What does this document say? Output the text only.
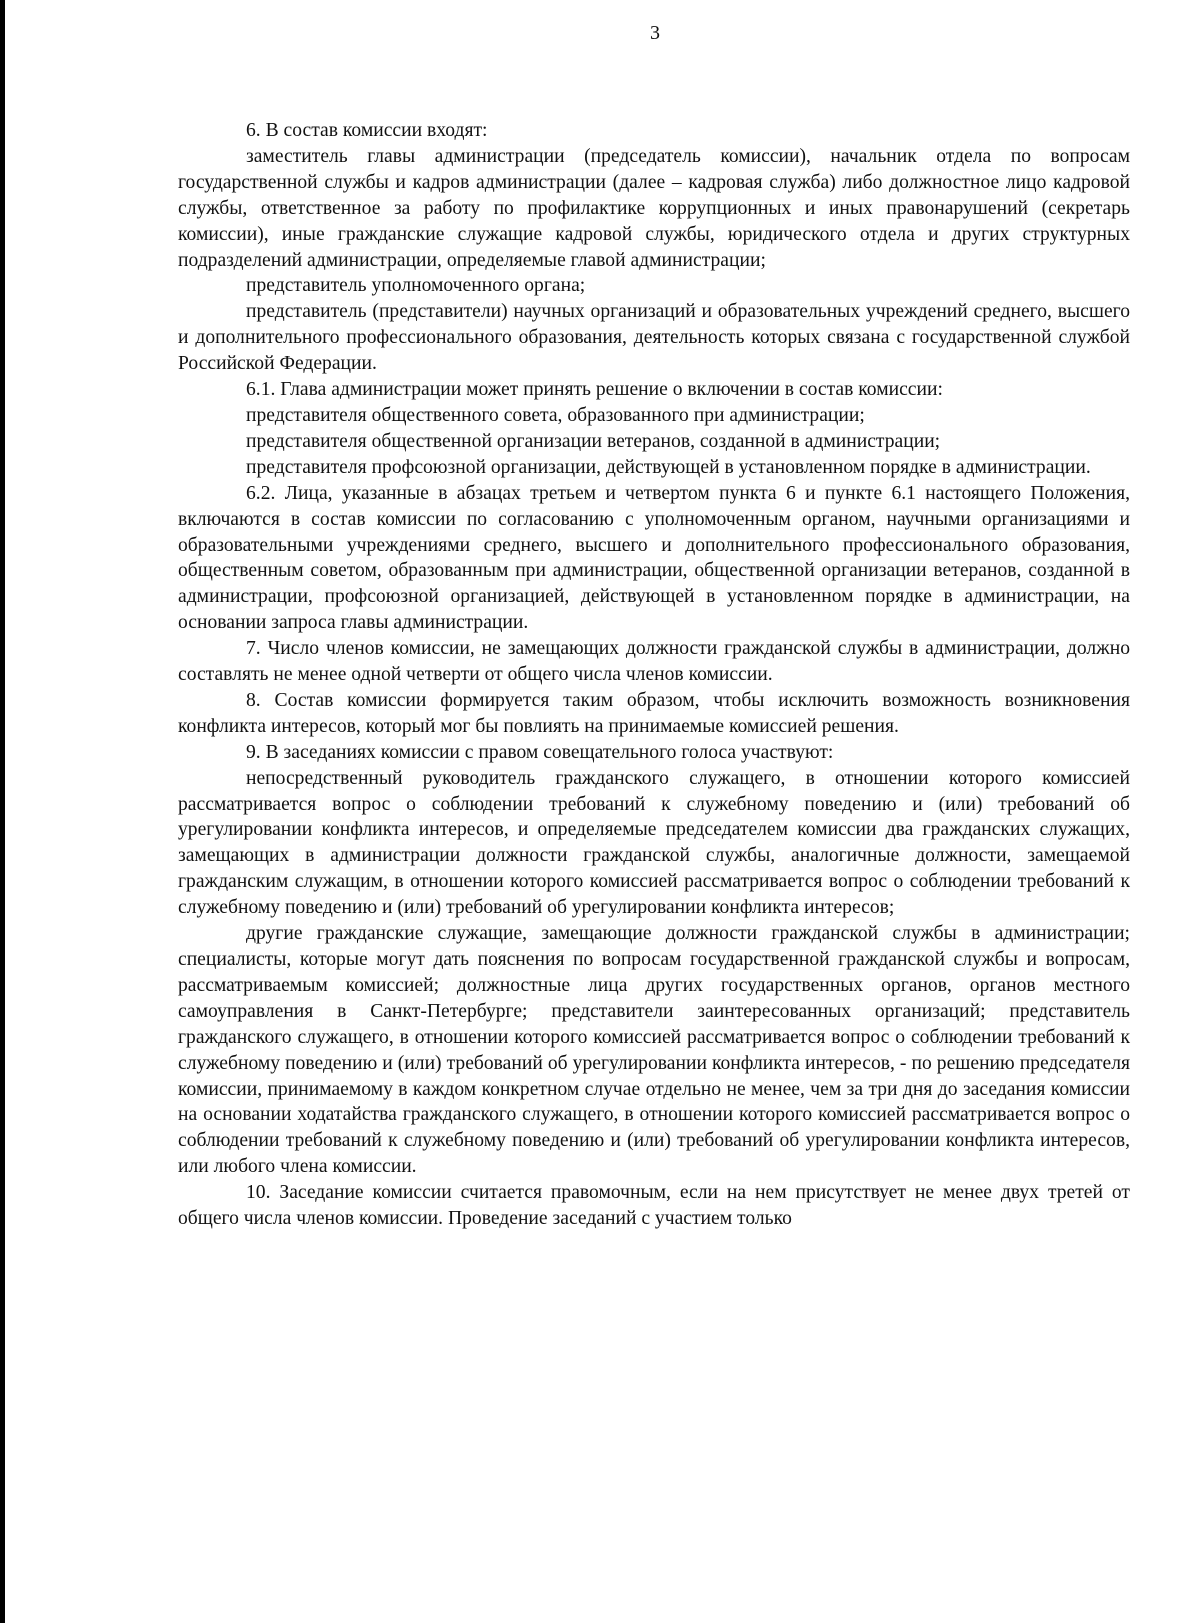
3

6. В состав комиссии входят:

заместитель главы администрации (председатель комиссии), начальник отдела по вопросам государственной службы и кадров администрации (далее – кадровая служба) либо должностное лицо кадровой службы, ответственное за работу по профилактике коррупционных и иных правонарушений (секретарь комиссии), иные гражданские служащие кадровой службы, юридического отдела и других структурных подразделений администрации, определяемые главой администрации;

представитель уполномоченного органа;

представитель (представители) научных организаций и образовательных учреждений среднего, высшего и дополнительного профессионального образования, деятельность которых связана с государственной службой Российской Федерации.

6.1. Глава администрации может принять решение о включении в состав комиссии:

представителя общественного совета, образованного при администрации;

представителя общественной организации ветеранов, созданной в администрации;

представителя профсоюзной организации, действующей в установленном порядке в администрации.

6.2. Лица, указанные в абзацах третьем и четвертом пункта 6 и пункте 6.1 настоящего Положения, включаются в состав комиссии по согласованию с уполномоченным органом, научными организациями и образовательными учреждениями среднего, высшего и дополнительного профессионального образования, общественным советом, образованным при администрации, общественной организации ветеранов, созданной в администрации, профсоюзной организацией, действующей в установленном порядке в администрации, на основании запроса главы администрации.

7. Число членов комиссии, не замещающих должности гражданской службы в администрации, должно составлять не менее одной четверти от общего числа членов комиссии.

8. Состав комиссии формируется таким образом, чтобы исключить возможность возникновения конфликта интересов, который мог бы повлиять на принимаемые комиссией решения.

9. В заседаниях комиссии с правом совещательного голоса участвуют:

непосредственный руководитель гражданского служащего, в отношении которого комиссией рассматривается вопрос о соблюдении требований к служебному поведению и (или) требований об урегулировании конфликта интересов, и определяемые председателем комиссии два гражданских служащих, замещающих в администрации должности гражданской службы, аналогичные должности, замещаемой гражданским служащим, в отношении которого комиссией рассматривается вопрос о соблюдении требований к служебному поведению и (или) требований об урегулировании конфликта интересов;

другие гражданские служащие, замещающие должности гражданской службы в администрации; специалисты, которые могут дать пояснения по вопросам государственной гражданской службы и вопросам, рассматриваемым комиссией; должностные лица других государственных органов, органов местного самоуправления в Санкт-Петербурге; представители заинтересованных организаций; представитель гражданского служащего, в отношении которого комиссией рассматривается вопрос о соблюдении требований к служебному поведению и (или) требований об урегулировании конфликта интересов, - по решению председателя комиссии, принимаемому в каждом конкретном случае отдельно не менее, чем за три дня до заседания комиссии на основании ходатайства гражданского служащего, в отношении которого комиссией рассматривается вопрос о соблюдении требований к служебному поведению и (или) требований об урегулировании конфликта интересов, или любого члена комиссии.

10. Заседание комиссии считается правомочным, если на нем присутствует не менее двух третей от общего числа членов комиссии. Проведение заседаний с участием только
